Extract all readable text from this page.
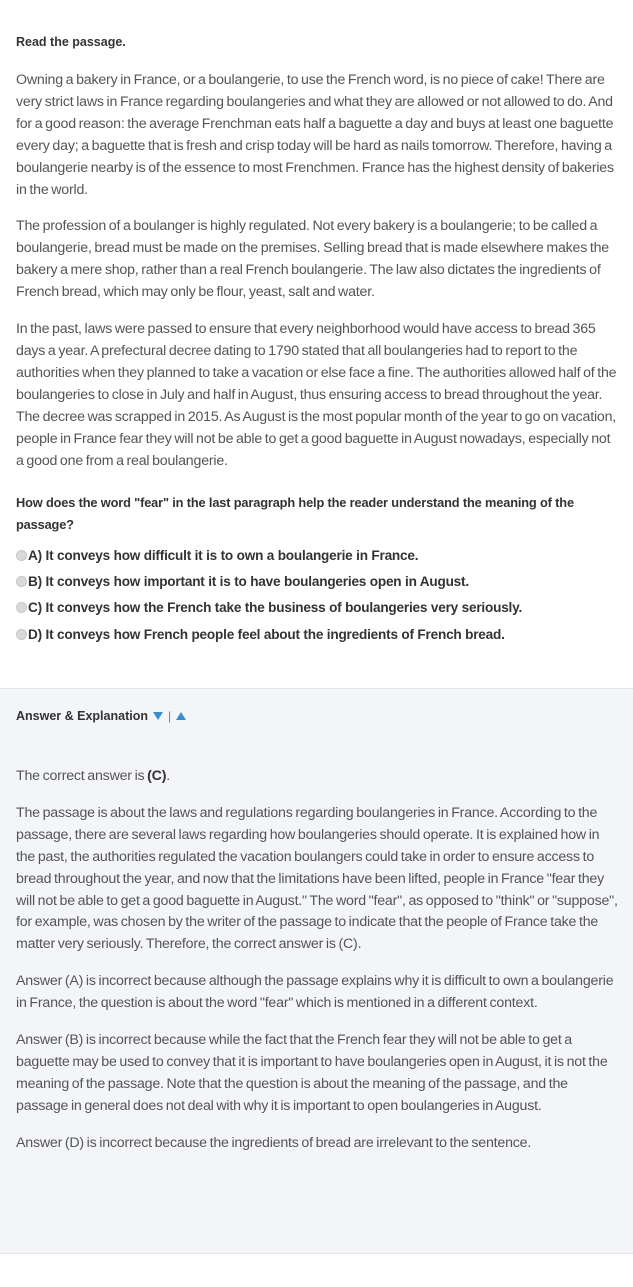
Read the passage.

Owning a bakery in France, or a boulangerie, to use the French word, is no piece of cake! There are very strict laws in France regarding boulangeries and what they are allowed or not allowed to do. And for a good reason: the average Frenchman eats half a baguette a day and buys at least one baguette every day; a baguette that is fresh and crisp today will be hard as nails tomorrow. Therefore, having a boulangerie nearby is of the essence to most Frenchmen. France has the highest density of bakeries in the world.

The profession of a boulanger is highly regulated. Not every bakery is a boulangerie; to be called a boulangerie, bread must be made on the premises. Selling bread that is made elsewhere makes the bakery a mere shop, rather than a real French boulangerie. The law also dictates the ingredients of French bread, which may only be flour, yeast, salt and water.

In the past, laws were passed to ensure that every neighborhood would have access to bread 365 days a year. A prefectural decree dating to 1790 stated that all boulangeries had to report to the authorities when they planned to take a vacation or else face a fine. The authorities allowed half of the boulangeries to close in July and half in August, thus ensuring access to bread throughout the year. The decree was scrapped in 2015. As August is the most popular month of the year to go on vacation, people in France fear they will not be able to get a good baguette in August nowadays, especially not a good one from a real boulangerie.

How does the word "fear" in the last paragraph help the reader understand the meaning of the passage?
A) It conveys how difficult it is to own a boulangerie in France.
B) It conveys how important it is to have boulangeries open in August.
C) It conveys how the French take the business of boulangeries very seriously.
D) It conveys how French people feel about the ingredients of French bread.
Answer & Explanation |

The correct answer is (C).

The passage is about the laws and regulations regarding boulangeries in France. According to the passage, there are several laws regarding how boulangeries should operate. It is explained how in the past, the authorities regulated the vacation boulangers could take in order to ensure access to bread throughout the year, and now that the limitations have been lifted, people in France "fear they will not be able to get a good baguette in August." The word "fear", as opposed to "think" or "suppose", for example, was chosen by the writer of the passage to indicate that the people of France take the matter very seriously. Therefore, the correct answer is (C).

Answer (A) is incorrect because although the passage explains why it is difficult to own a boulangerie in France, the question is about the word "fear" which is mentioned in a different context.

Answer (B) is incorrect because while the fact that the French fear they will not be able to get a baguette may be used to convey that it is important to have boulangeries open in August, it is not the meaning of the passage. Note that the question is about the meaning of the passage, and the passage in general does not deal with why it is important to open boulangeries in August.

Answer (D) is incorrect because the ingredients of bread are irrelevant to the sentence.
